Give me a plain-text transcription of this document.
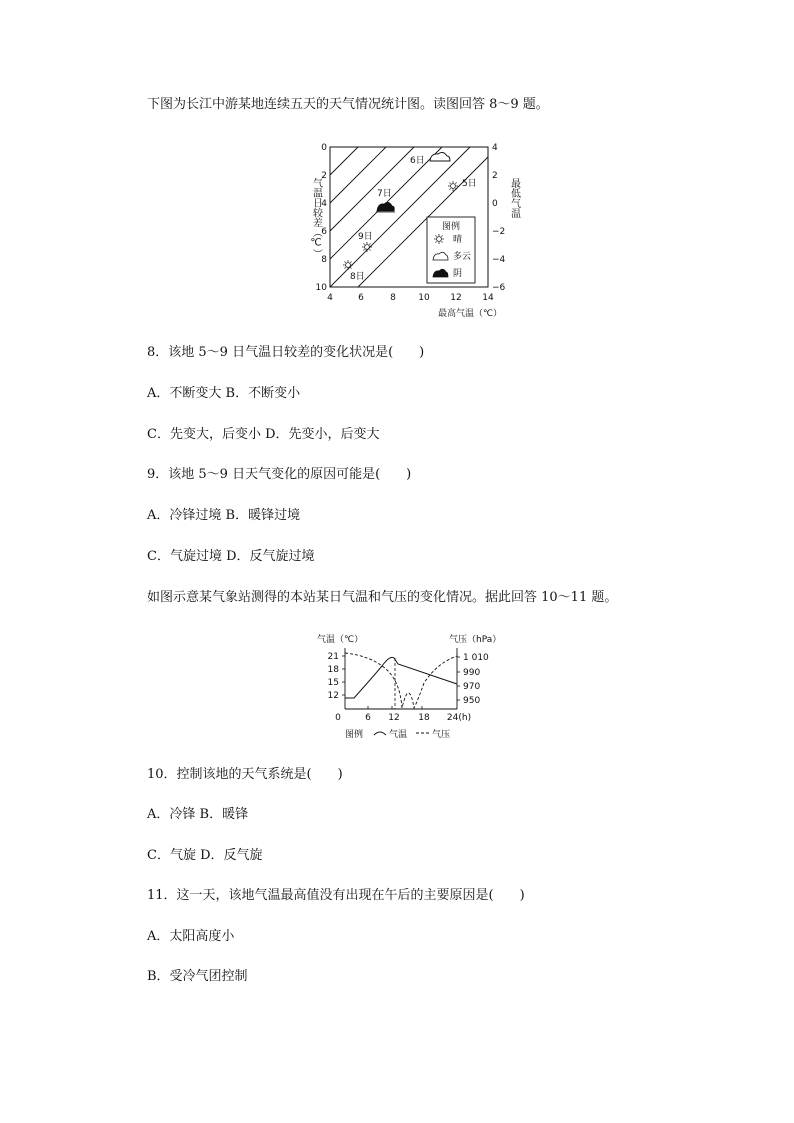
下图为长江中游某地连续五天的天气情况统计图。读图回答 8～9 题。
气温日较差（℃）
0
2
4
6
8
10
4
2
0
−2
−4
−6
最低气温
4	6	8 10 12 14
最高气温（℃）
6日
5日
7日
9日
8日
图例
晴
多云
阴
8．该地 5～9 日气温日较差的变化状况是(　　)
A．不断变大 B．不断变小
C．先变大，后变小 D．先变小，后变大
9．该地 5～9 日天气变化的原因可能是(　　)
A．冷锋过境 B．暖锋过境
C．气旋过境 D．反气旋过境
如图示意某气象站测得的本站某日气温和气压的变化情况。据此回答 10～11 题。
气温（℃）	气压（hPa）
21
18
15
12
1 010
990
970
950
0	6 12 18 24(h)
图例	气温	气压
10．控制该地的天气系统是(　　)
A．冷锋 B．暖锋
C．气旋 D．反气旋
11．这一天，该地气温最高值没有出现在午后的主要原因是(　　)
A．太阳高度小
B．受冷气团控制
